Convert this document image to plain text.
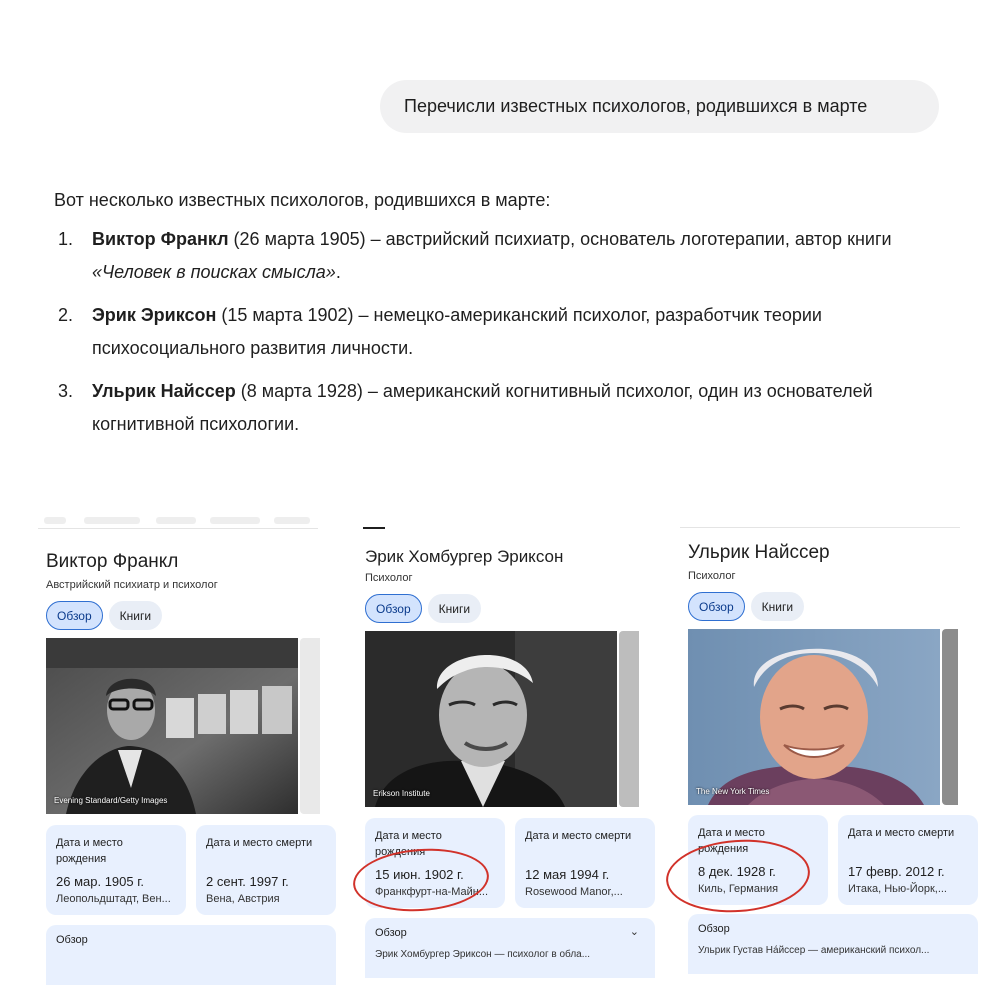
Перечисли известных психологов, родившихся в марте
Вот несколько известных психологов, родившихся в марте:
1. Виктор Франкл (26 марта 1905) – австрийский психиатр, основатель логотерапии, автор книги «Человек в поисках смысла».
2. Эрик Эриксон (15 марта 1902) – немецко-американский психолог, разработчик теории психосоциального развития личности.
3. Ульрик Найссер (8 марта 1928) – американский когнитивный психолог, один из основателей когнитивной психологии.
Виктор Франкл
Австрийский психиатр и психолог
Обзор	Книги
Evening Standard/Getty Images
Дата и место рождения
26 мар. 1905 г.
Леопольдштадт, Вен...
Дата и место смерти
2 сент. 1997 г.
Вена, Австрия
Обзор
Эрик Хомбургер Эриксон
Психолог
Обзор	Книги
Erikson Institute
Дата и место рождения
15 июн. 1902 г.
Франкфурт-на-Майн...
Дата и место смерти
12 мая 1994 г.
Rosewood Manor,...
Обзор	⌄
Эрик Хомбургер Эриксон — психолог в обла...
Ульрик Найссер
Психолог
Обзор	Книги
The New York Times
Дата и место рождения
8 дек. 1928 г.
Киль, Германия
Дата и место смерти
17 февр. 2012 г.
Итака, Нью-Йорк,...
Обзор
Ульрик Густав На́йссер — американский психол...
